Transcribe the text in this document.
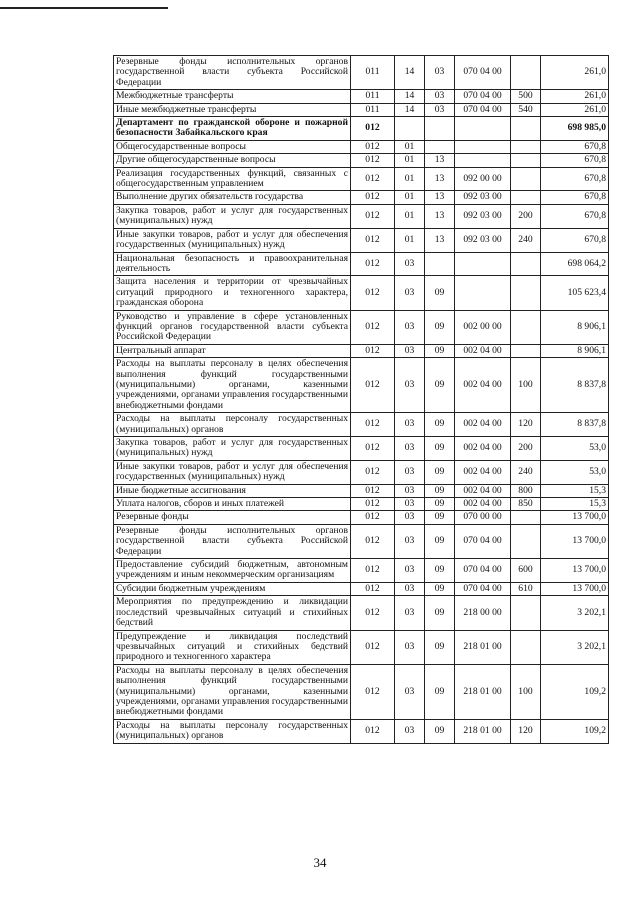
Резервные фонды исполнительных органов государственной власти субъекта Российской Федерации	011	14	03	070 04 00		261,0
Межбюджетные трансферты	011	14	03	070 04 00	500	261,0
Иные межбюджетные трансферты	011	14	03	070 04 00	540	261,0
Департамент по гражданской обороне и пожарной безопасности Забайкальского края	012					698 985,0
Общегосударственные вопросы	012	01				670,8
Другие общегосударственные вопросы	012	01	13			670,8
Реализация государственных функций, связанных с общегосударственным управлением	012	01	13	092 00 00		670,8
Выполнение других обязательств государства	012	01	13	092 03 00		670,8
Закупка товаров, работ и услуг для государственных (муниципальных) нужд	012	01	13	092 03 00	200	670,8
Иные закупки товаров, работ и услуг для обеспечения государственных (муниципальных) нужд	012	01	13	092 03 00	240	670,8
Национальная безопасность и правоохранительная деятельность	012	03				698 064,2
Защита населения и территории от чрезвычайных ситуаций природного и техногенного характера, гражданская оборона	012	03	09			105 623,4
Руководство и управление в сфере установленных функций органов государственной власти субъекта Российской Федерации	012	03	09	002 00 00		8 906,1
Центральный аппарат	012	03	09	002 04 00		8 906,1
Расходы на выплаты персоналу в целях обеспечения выполнения функций государственными (муниципальными) органами, казенными учреждениями, органами управления государственными внебюджетными фондами	012	03	09	002 04 00	100	8 837,8
Расходы на выплаты персоналу государственных (муниципальных) органов	012	03	09	002 04 00	120	8 837,8
Закупка товаров, работ и услуг для государственных (муниципальных) нужд	012	03	09	002 04 00	200	53,0
Иные закупки товаров, работ и услуг для обеспечения государственных (муниципальных) нужд	012	03	09	002 04 00	240	53,0
Иные бюджетные ассигнования	012	03	09	002 04 00	800	15,3
Уплата налогов, сборов и иных платежей	012	03	09	002 04 00	850	15,3
Резервные фонды	012	03	09	070 00 00		13 700,0
Резервные фонды исполнительных органов государственной власти субъекта Российской Федерации	012	03	09	070 04 00		13 700,0
Предоставление субсидий бюджетным, автономным учреждениям и иным некоммерческим организациям	012	03	09	070 04 00	600	13 700,0
Субсидии бюджетным учреждениям	012	03	09	070 04 00	610	13 700,0
Мероприятия по предупреждению и ликвидации последствий чрезвычайных ситуаций и стихийных бедствий	012	03	09	218 00 00		3 202,1
Предупреждение и ликвидация последствий чрезвычайных ситуаций и стихийных бедствий природного и техногенного характера	012	03	09	218 01 00		3 202,1
Расходы на выплаты персоналу в целях обеспечения выполнения функций государственными (муниципальными) органами, казенными учреждениями, органами управления государственными внебюджетными фондами	012	03	09	218 01 00	100	109,2
Расходы на выплаты персоналу государственных (муниципальных) органов	012	03	09	218 01 00	120	109,2
34
